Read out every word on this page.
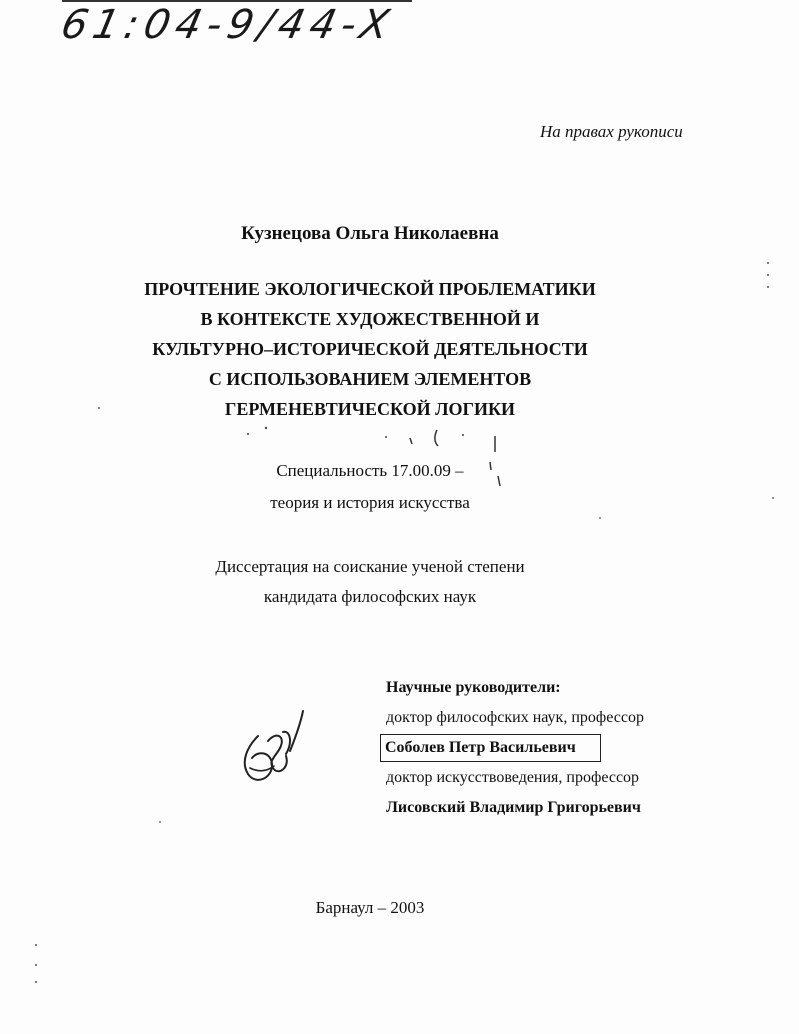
61:04-9/44-X
На правах рукописи
Кузнецова Ольга Николаевна
ПРОЧТЕНИЕ ЭКОЛОГИЧЕСКОЙ ПРОБЛЕМАТИКИ
В КОНТЕКСТЕ ХУДОЖЕСТВЕННОЙ И
КУЛЬТУРНО–ИСТОРИЧЕСКОЙ ДЕЯТЕЛЬНОСТИ
С ИСПОЛЬЗОВАНИЕМ ЭЛЕМЕНТОВ
ГЕРМЕНЕВТИЧЕСКОЙ ЛОГИКИ
Специальность 17.00.09 –
теория и история искусства
Диссертация на соискание ученой степени
кандидата философских наук
Научные руководители:
доктор философских наук, профессор
Соболев Петр Васильевич
доктор искусствоведения, профессор
Лисовский Владимир Григорьевич
Барнаул – 2003
